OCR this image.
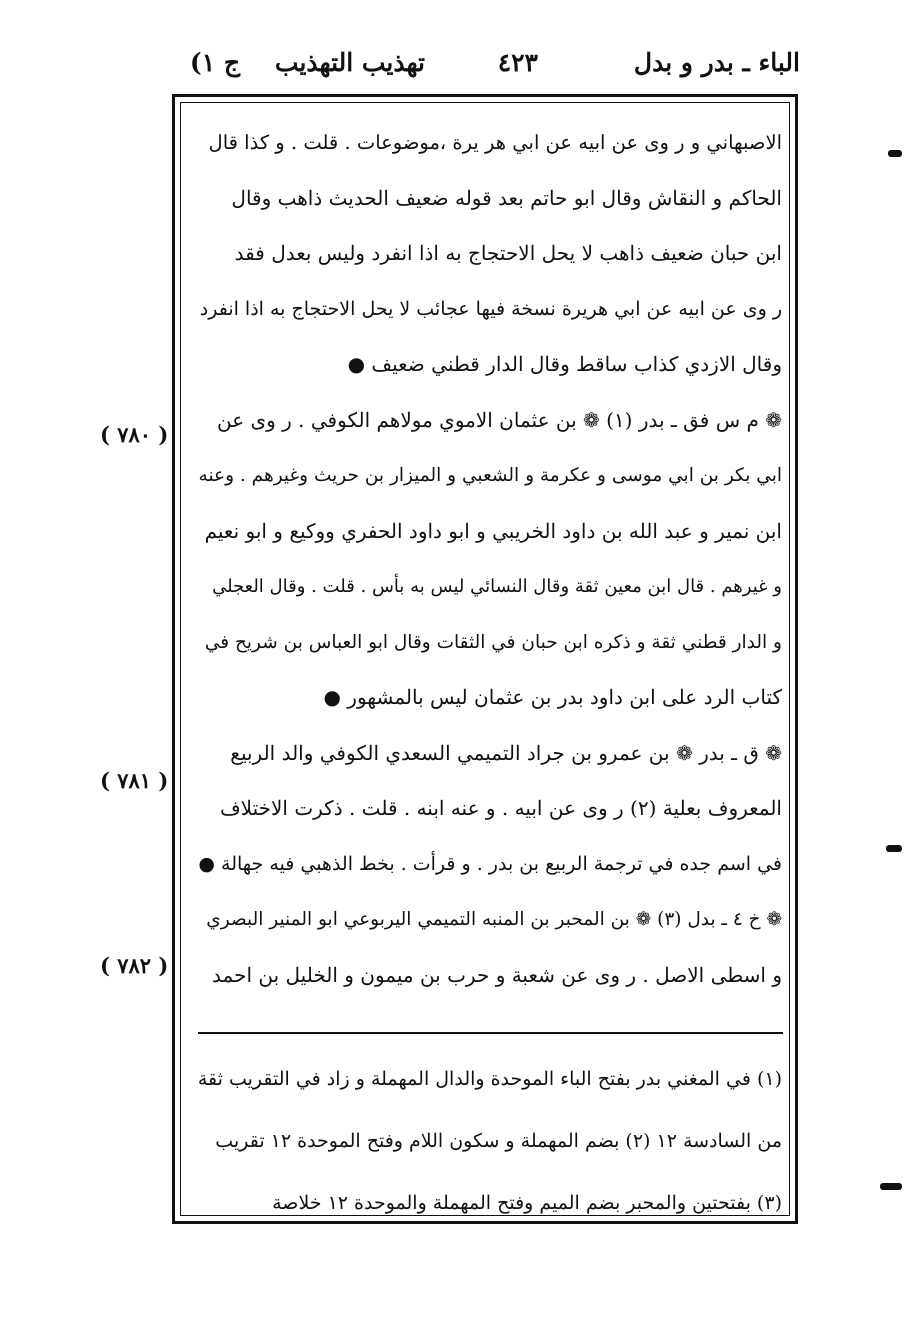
الباء ـ بدر و بدل
٤٢٣
تهذيب التهذيب
ج ١)
الاصبهاني و ر وى عن ابيه عن ابي هر يرة ،موضوعات . قلت . و كذا قال
الحاكم و النقاش وقال ابو حاتم بعد قوله ضعيف الحديث ذاهب وقال
ابن حبان ضعيف ذاهب لا يحل الاحتجاج به اذا انفرد وليس بعدل فقد
ر وى عن ابيه عن ابي هريرة نسخة فيها عجائب لا يحل الاحتجاج به اذا انفرد
وقال الازدي كذاب ساقط وقال الدار قطني ضعيف ●
❁ م س فق ـ بدر (١) ❁ بن عثمان الاموي مولاهم الكوفي . ر وى عن
ابي بكر بن ابي موسى و عكرمة و الشعبي و الميزار بن حريث وغيرهم . وعنه
ابن نمير و عبد الله بن داود الخريبي و ابو داود الحفري ووكيع و ابو نعيم
و غيرهم . قال ابن معين ثقة وقال النسائي ليس به بأس . قلت . وقال العجلي
و الدار قطني ثقة و ذكره ابن حبان في الثقات وقال ابو العباس بن شريح في
كتاب الرد على ابن داود بدر بن عثمان ليس بالمشهور ●
❁ ق ـ بدر ❁ بن عمرو بن جراد التميمي السعدي الكوفي والد الربيع
المعروف بعلية (٢) ر وى عن ابيه . و عنه ابنه . قلت . ذكرت الاختلاف
في اسم جده في ترجمة الربيع بن بدر . و قرأت . بخط الذهبي فيه جهالة ●
❁ خ ٤ ـ بدل (٣) ❁ بن المحبر بن المنبه التميمي اليربوعي ابو المنير البصري
و اسطى الاصل . ر وى عن شعبة و حرب بن ميمون و الخليل بن احمد
( ٧٨٠ )
( ٧٨١ )
( ٧٨٢ )
(١) في المغني بدر بفتح الباء الموحدة والدال المهملة و زاد في التقريب ثقة
من السادسة ١٢ (٢) بضم المهملة و سكون اللام وفتح الموحدة ١٢ تقريب
(٣) بفتحتين والمحبر بضم الميم وفتح المهملة والموحدة ١٢ خلاصة
